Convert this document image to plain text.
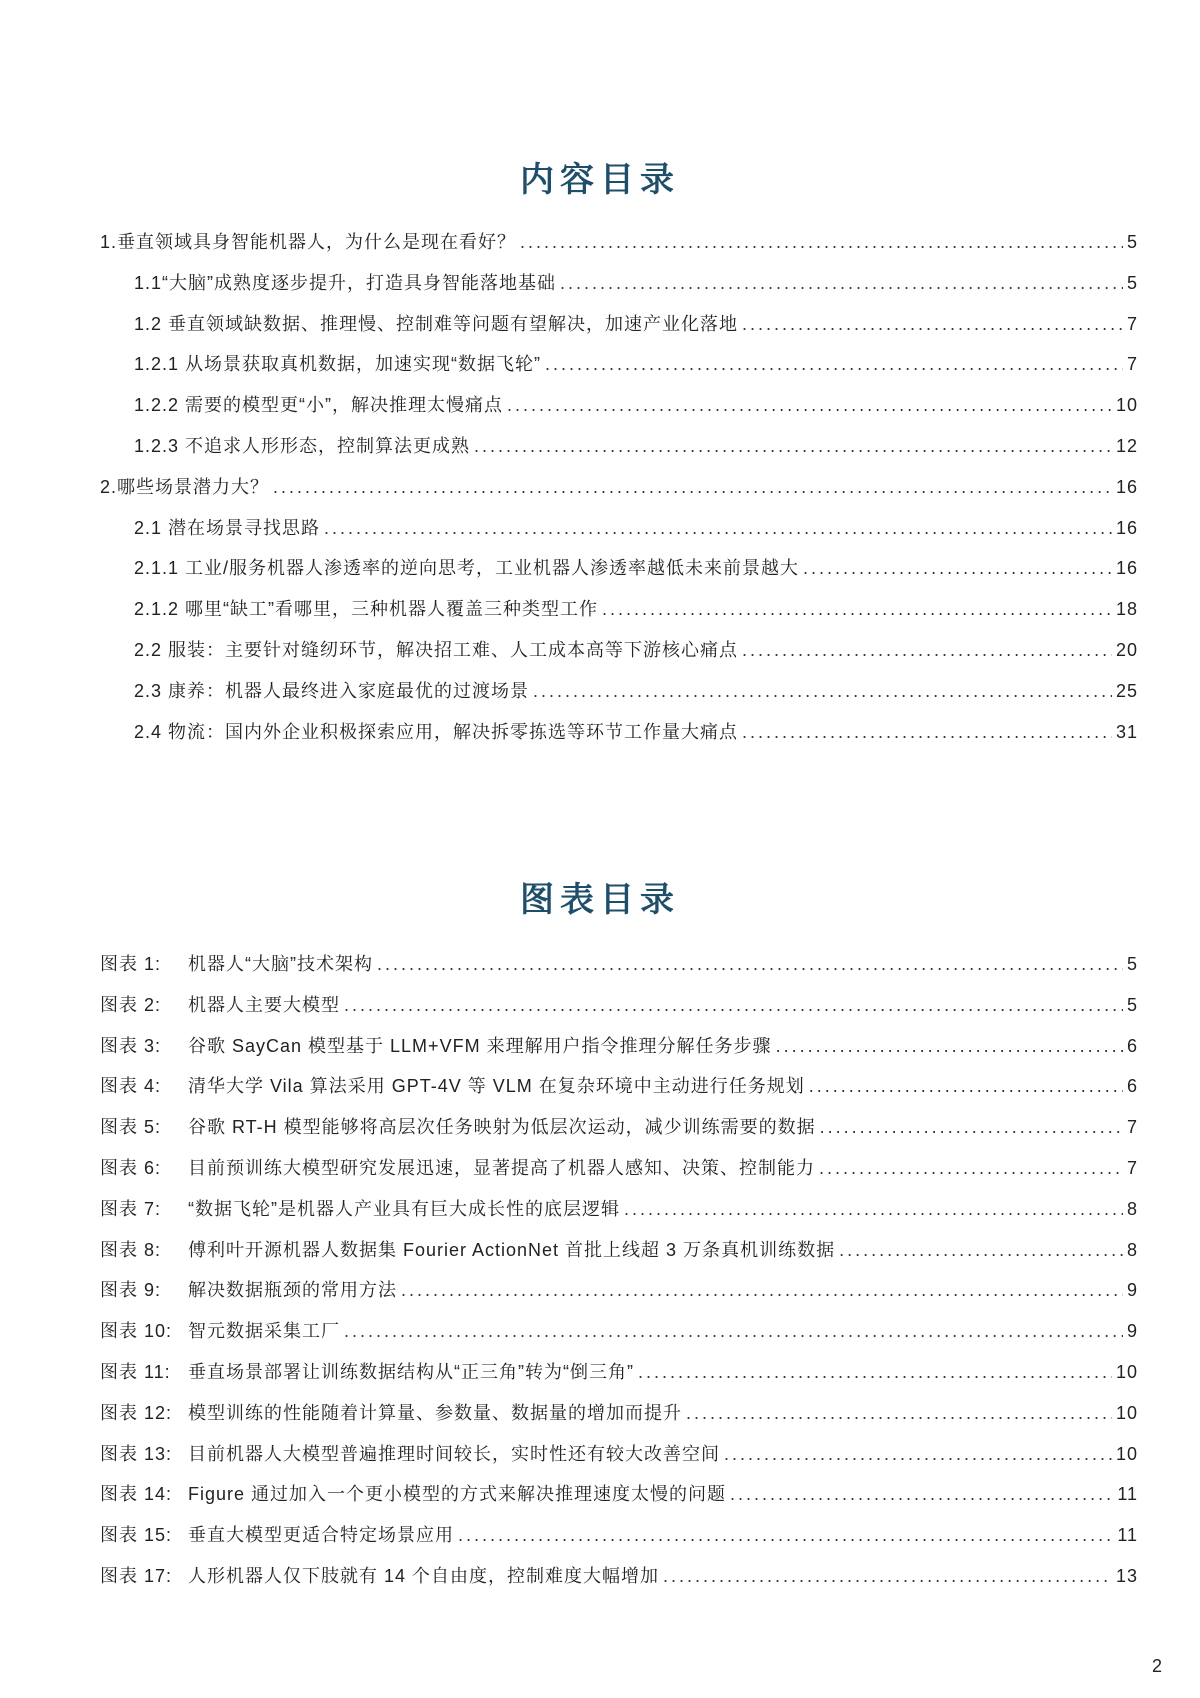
内容目录
1.垂直领域具身智能机器人，为什么是现在看好？ .....	5
1.1“大脑”成熟度逐步提升，打造具身智能落地基础 .....	5
1.2 垂直领域缺数据、推理慢、控制难等问题有望解决，加速产业化落地 .....	7
1.2.1 从场景获取真机数据，加速实现“数据飞轮” .....	7
1.2.2 需要的模型更“小”，解决推理太慢痛点 .....	10
1.2.3 不追求人形形态，控制算法更成熟 .....	12
2.哪些场景潜力大？ .....	16
2.1 潜在场景寻找思路 .....	16
2.1.1 工业/服务机器人渗透率的逆向思考，工业机器人渗透率越低未来前景越大 .....	16
2.1.2 哪里“缺工”看哪里，三种机器人覆盖三种类型工作 .....	18
2.2 服装：主要针对缝纫环节，解决招工难、人工成本高等下游核心痛点 .....	20
2.3 康养：机器人最终进入家庭最优的过渡场景 .....	25
2.4 物流：国内外企业积极探索应用，解决拆零拣选等环节工作量大痛点 .....	31
图表目录
图表 1:	机器人“大脑”技术架构 .....	5
图表 2:	机器人主要大模型 .....	5
图表 3:	谷歌 SayCan 模型基于 LLM+VFM 来理解用户指令推理分解任务步骤 .....	6
图表 4:	清华大学 Vila 算法采用 GPT-4V 等 VLM 在复杂环境中主动进行任务规划 .....	6
图表 5:	谷歌 RT-H 模型能够将高层次任务映射为低层次运动，减少训练需要的数据 .....	7
图表 6:	目前预训练大模型研究发展迅速，显著提高了机器人感知、决策、控制能力 .....	7
图表 7:	“数据飞轮”是机器人产业具有巨大成长性的底层逻辑 .....	8
图表 8:	傅利叶开源机器人数据集 Fourier ActionNet 首批上线超 3 万条真机训练数据 .....	8
图表 9:	解决数据瓶颈的常用方法 .....	9
图表 10: 智元数据采集工厂 .....	9
图表 11: 垂直场景部署让训练数据结构从“正三角”转为“倒三角” .....	10
图表 12: 模型训练的性能随着计算量、参数量、数据量的增加而提升 .....	10
图表 13: 目前机器人大模型普遍推理时间较长，实时性还有较大改善空间 .....	10
图表 14: Figure 通过加入一个更小模型的方式来解决推理速度太慢的问题 .....	11
图表 15: 垂直大模型更适合特定场景应用 .....	11
图表 17: 人形机器人仅下肢就有 14 个自由度，控制难度大幅增加 .....	13
2
